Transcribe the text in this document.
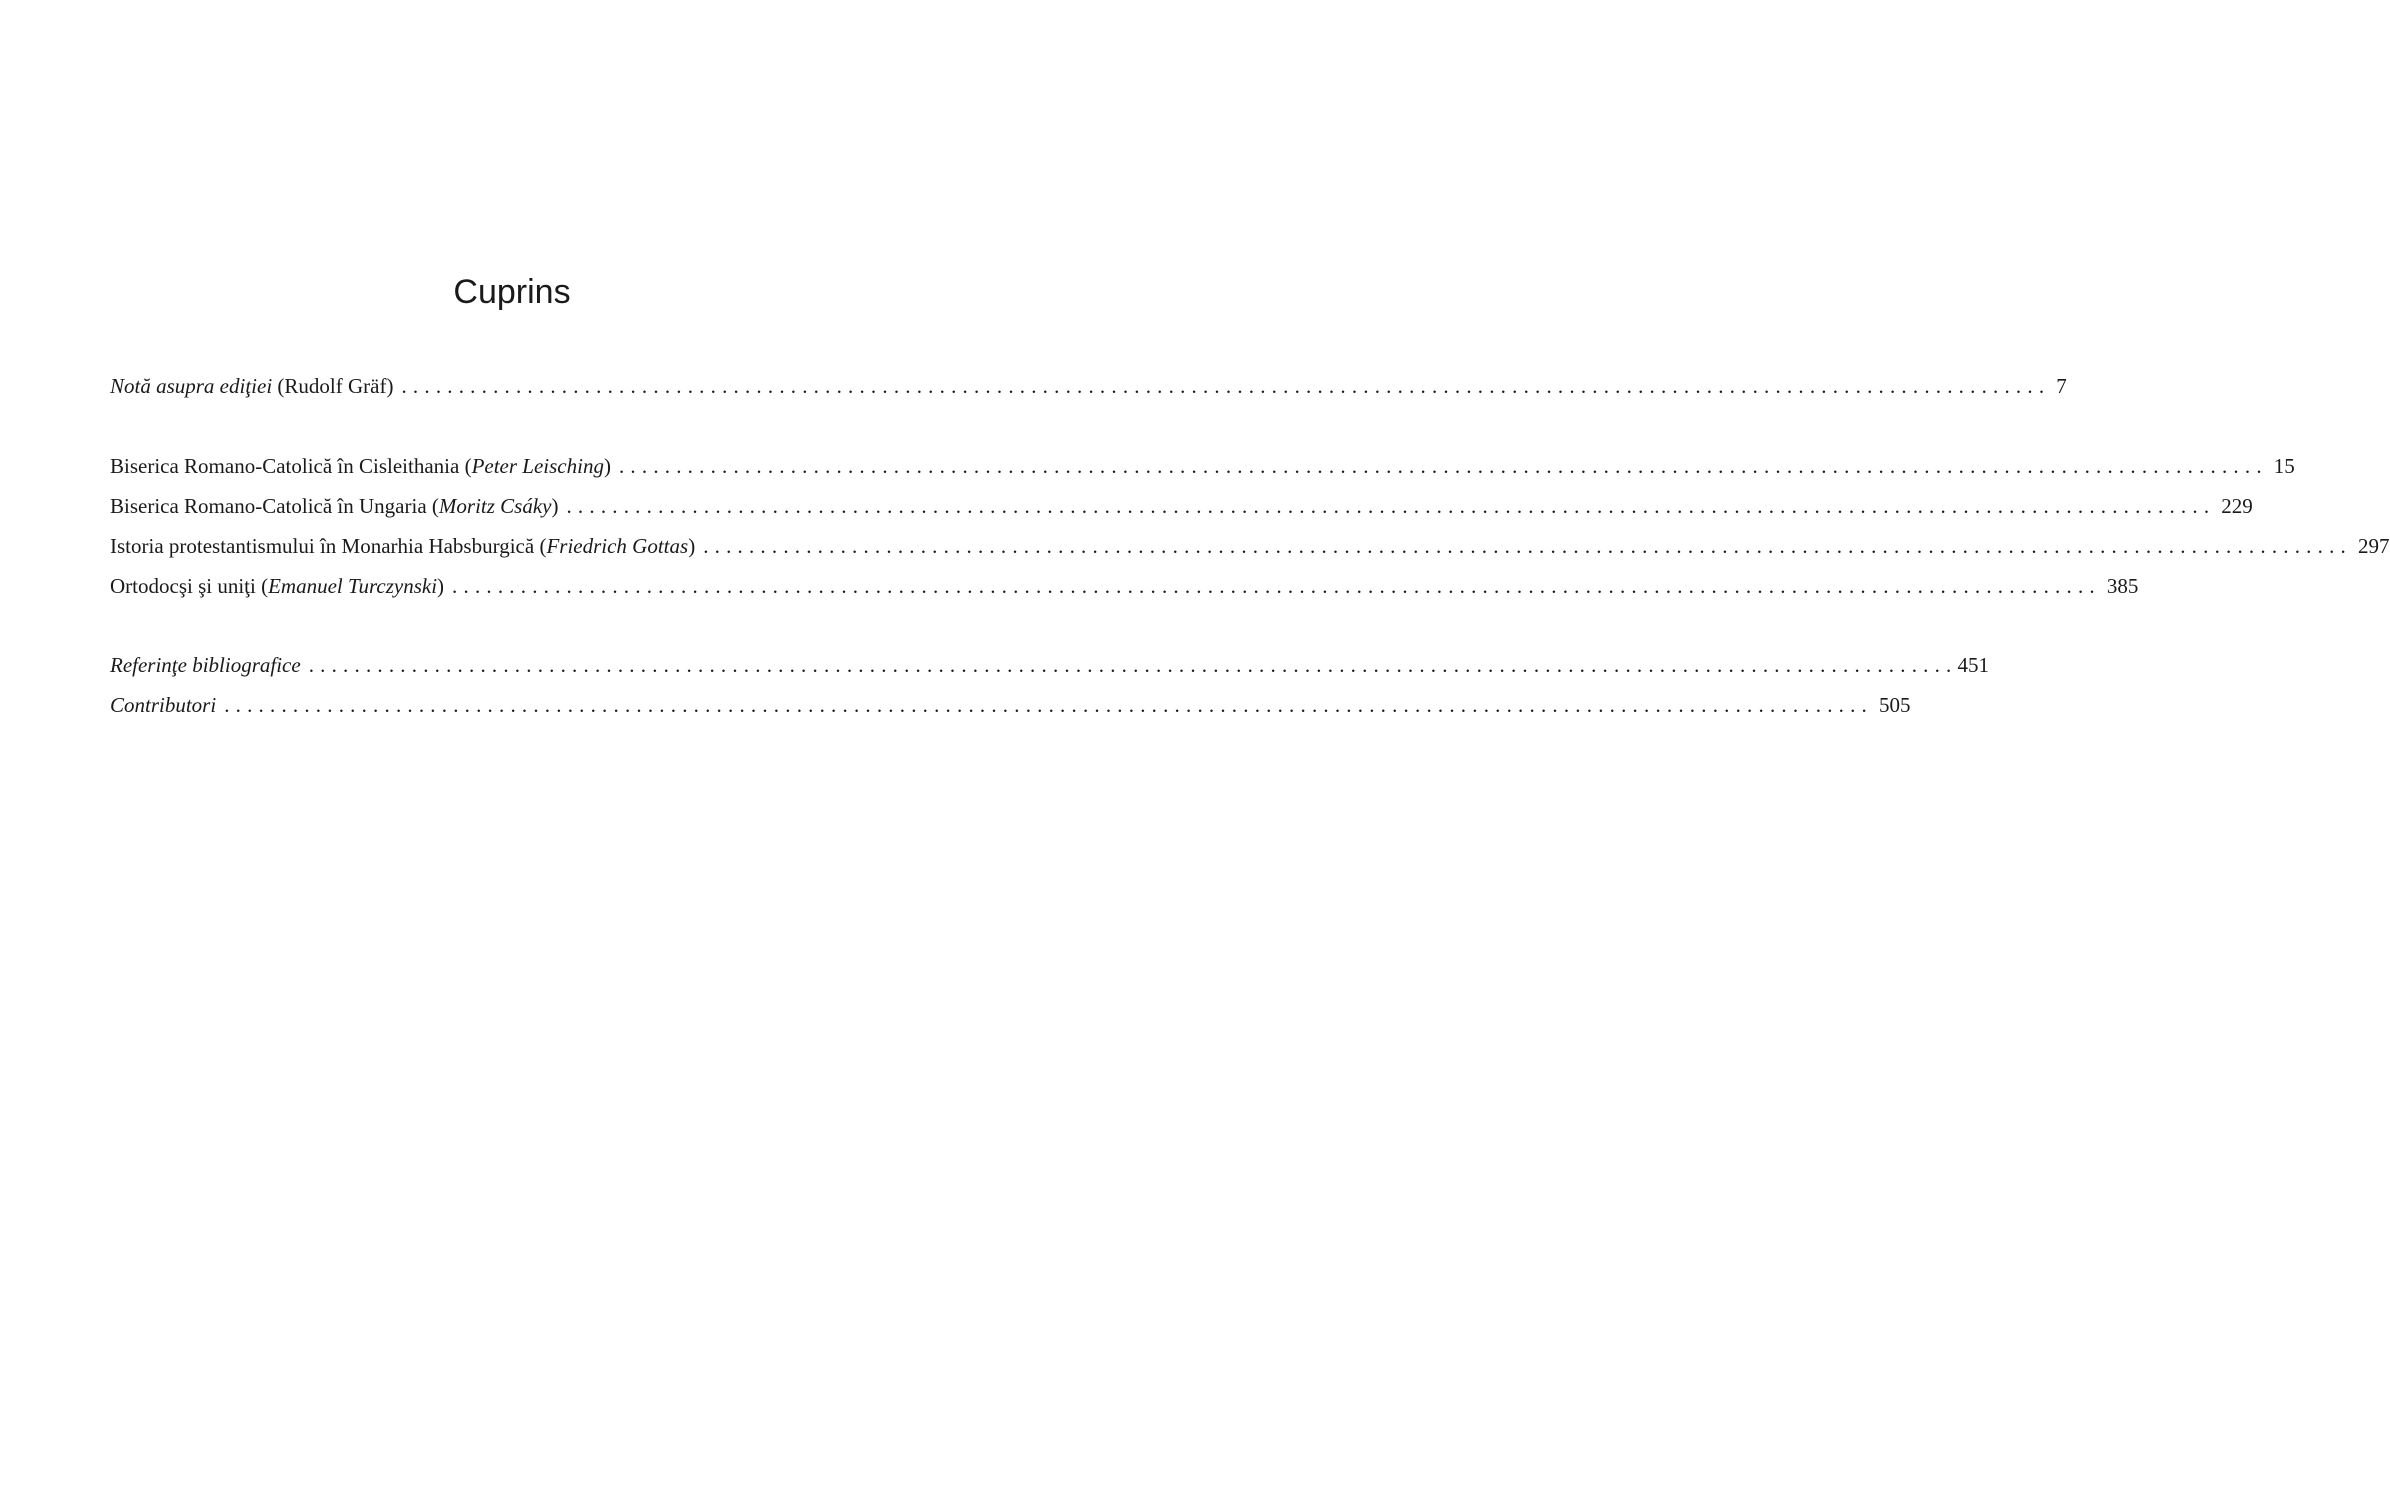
Cuprins
Notă asupra ediţiei (Rudolf Gräf) ................................................................................................................................................ 7
Biserica Romano-Catolică în Cisleithania (Peter Leisching) ................................................................................................................................................ 15
Biserica Romano-Catolică în Ungaria (Moritz Csáky) ................................................................................................................................................ 229
Istoria protestantismului în Monarhia Habsburgică (Friedrich Gottas) ................................................................................................................................................ 297
Ortodocşi şi uniţi (Emanuel Turczynski) ................................................................................................................................................ 385
Referinţe bibliografice ................................................................................................................................................ 451
Contributori ................................................................................................................................................ 505
